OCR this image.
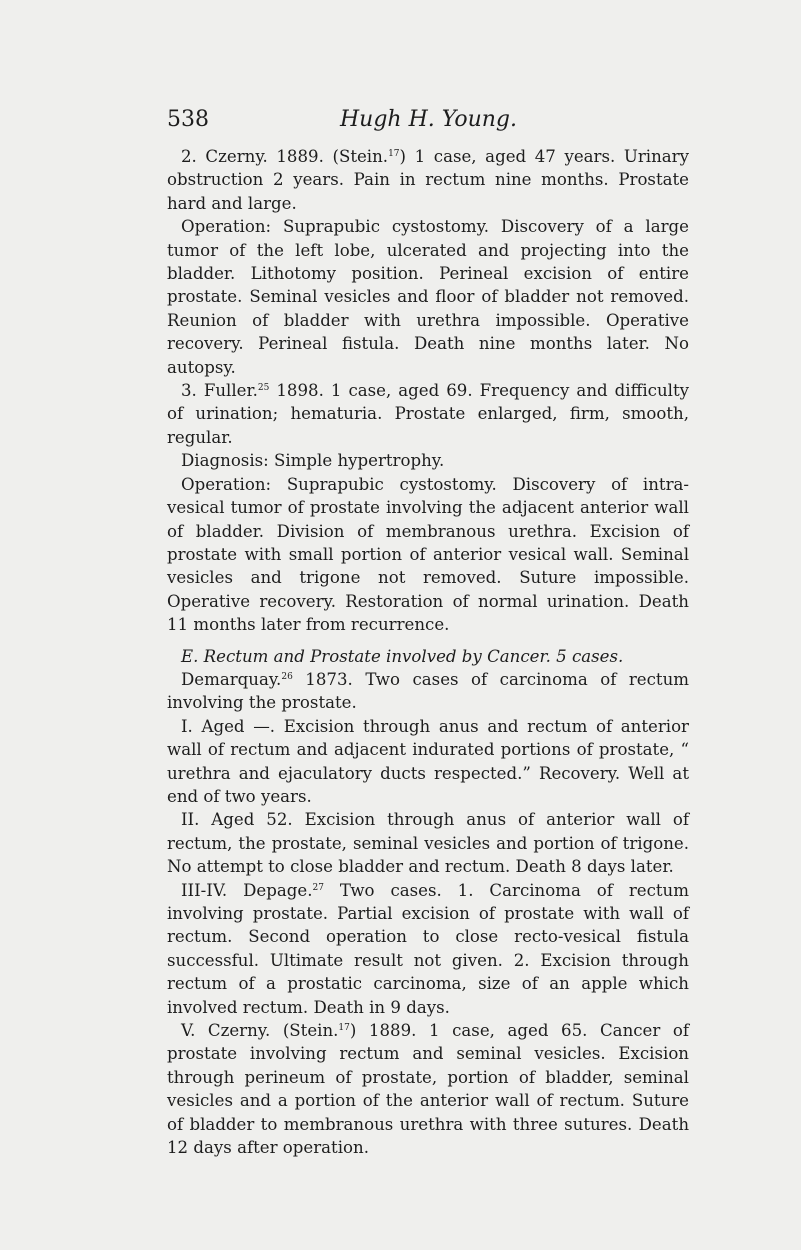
538	Hugh H. Young.

2. Czerny. 1889. (Stein.$^{17}$) 1 case, aged 47 years. Urinary obstruction 2 years. Pain in rectum nine months. Prostate hard and large.

Operation: Suprapubic cystostomy. Discovery of a large tumor of the left lobe, ulcerated and projecting into the bladder. Lithotomy position. Perineal excision of entire prostate. Seminal vesicles and floor of bladder not removed. Reunion of bladder with urethra impossible. Operative recovery. Perineal fistula. Death nine months later. No autopsy.

3. Fuller.$^{25}$ 1898. 1 case, aged 69. Frequency and difficulty of urination; hematuria. Prostate enlarged, firm, smooth, regular.

Diagnosis: Simple hypertrophy.

Operation: Suprapubic cystostomy. Discovery of intra-vesical tumor of prostate involving the adjacent anterior wall of bladder. Division of membranous urethra. Excision of prostate with small portion of anterior vesical wall. Seminal vesicles and trigone not removed. Suture impossible. Operative recovery. Restoration of normal urination. Death 11 months later from recurrence.

E. Rectum and Prostate involved by Cancer. 5 cases.

Demarquay.$^{26}$ 1873. Two cases of carcinoma of rectum involving the prostate.

I. Aged —. Excision through anus and rectum of anterior wall of rectum and adjacent indurated portions of prostate, “ urethra and ejaculatory ducts respected.” Recovery. Well at end of two years.

II. Aged 52. Excision through anus of anterior wall of rectum, the prostate, seminal vesicles and portion of trigone. No attempt to close bladder and rectum. Death 8 days later.

III-IV. Depage.$^{27}$ Two cases. 1. Carcinoma of rectum involving prostate. Partial excision of prostate with wall of rectum. Second operation to close recto-vesical fistula successful. Ultimate result not given. 2. Excision through rectum of a prostatic carcinoma, size of an apple which involved rectum. Death in 9 days.

V. Czerny. (Stein.$^{17}$) 1889. 1 case, aged 65. Cancer of prostate involving rectum and seminal vesicles. Excision through perineum of prostate, portion of bladder, seminal vesicles and a portion of the anterior wall of rectum. Suture of bladder to membranous urethra with three sutures. Death 12 days after operation.
